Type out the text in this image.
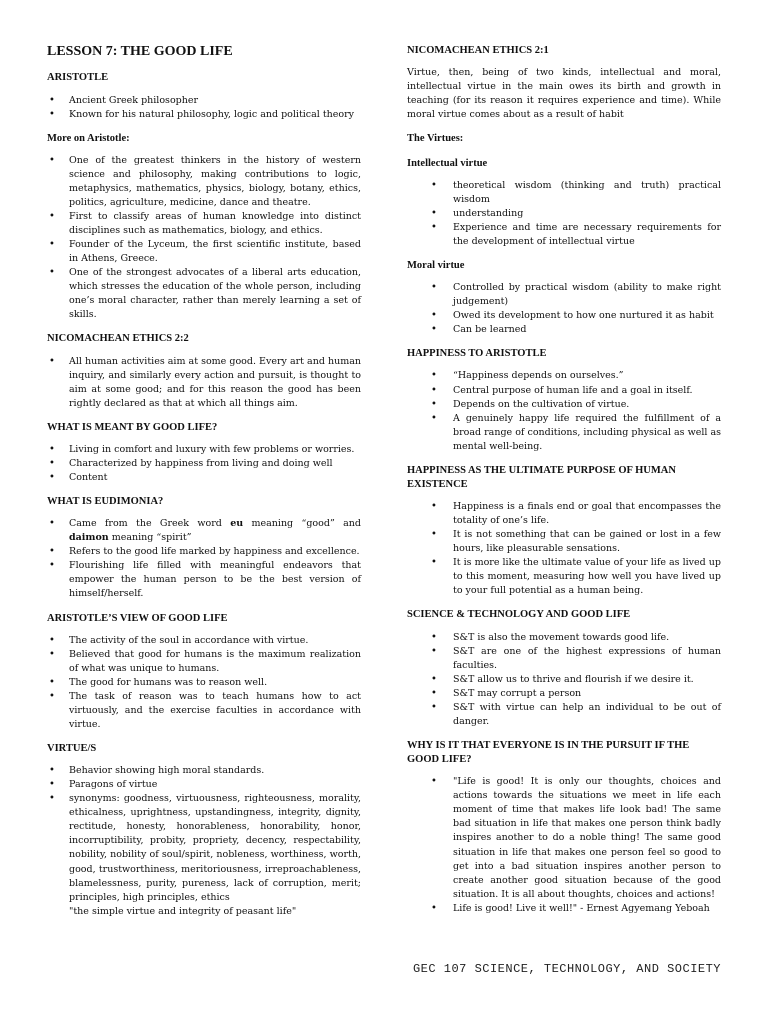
LESSON 7: THE GOOD LIFE
ARISTOTLE
• Ancient Greek philosopher
• Known for his natural philosophy, logic and political theory
More on Aristotle:
• One of the greatest thinkers in the history of western science and philosophy, making contributions to logic, metaphysics, mathematics, physics, biology, botany, ethics, politics, agriculture, medicine, dance and theatre.
• First to classify areas of human knowledge into distinct disciplines such as mathematics, biology, and ethics.
• Founder of the Lyceum, the first scientific institute, based in Athens, Greece.
• One of the strongest advocates of a liberal arts education, which stresses the education of the whole person, including one’s moral character, rather than merely learning a set of skills.
NICOMACHEAN ETHICS 2:2
• All human activities aim at some good. Every art and human inquiry, and similarly every action and pursuit, is thought to aim at some good; and for this reason the good has been rightly declared as that at which all things aim.
WHAT IS MEANT BY GOOD LIFE?
• Living in comfort and luxury with few problems or worries.
• Characterized by happiness from living and doing well
• Content
WHAT IS EUDIMONIA?
• Came from the Greek word eu meaning “good” and daimon meaning “spirit”
• Refers to the good life marked by happiness and excellence.
• Flourishing life filled with meaningful endeavors that empower the human person to be the best version of himself/herself.
ARISTOTLE’S VIEW OF GOOD LIFE
• The activity of the soul in accordance with virtue.
• Believed that good for humans is the maximum realization of what was unique to humans.
• The good for humans was to reason well.
• The task of reason was to teach humans how to act virtuously, and the exercise faculties in accordance with virtue.
VIRTUE/S
• Behavior showing high moral standards.
• Paragons of virtue
• synonyms: goodness, virtuousness, righteousness, morality, ethicalness, uprightness, upstandingness, integrity, dignity, rectitude, honesty, honorableness, honorability, honor, incorruptibility, probity, propriety, decency, respectability, nobility, nobility of soul/spirit, nobleness, worthiness, worth, good, trustworthiness, meritoriousness, irreproachableness, blamelessness, purity, pureness, lack of corruption, merit; principles, high principles, ethics
"the simple virtue and integrity of peasant life"
NICOMACHEAN ETHICS 2:1

Virtue, then, being of two kinds, intellectual and moral, intellectual virtue in the main owes its birth and growth in teaching (for its reason it requires experience and time). While moral virtue comes about as a result of habit

The Virtues:
Intellectual virtue
• theoretical wisdom (thinking and truth) practical wisdom
• understanding
• Experience and time are necessary requirements for the development of intellectual virtue
Moral virtue
• Controlled by practical wisdom (ability to make right judgement)
• Owed its development to how one nurtured it as habit
• Can be learned
HAPPINESS TO ARISTOTLE
• “Happiness depends on ourselves.”
• Central purpose of human life and a goal in itself.
• Depends on the cultivation of virtue.
• A genuinely happy life required the fulfillment of a broad range of conditions, including physical as well as mental well-being.
HAPPINESS AS THE ULTIMATE PURPOSE OF HUMAN EXISTENCE
• Happiness is a finals end or goal that encompasses the totality of one’s life.
• It is not something that can be gained or lost in a few hours, like pleasurable sensations.
• It is more like the ultimate value of your life as lived up to this moment, measuring how well you have lived up to your full potential as a human being.
SCIENCE & TECHNOLOGY AND GOOD LIFE
• S&T is also the movement towards good life.
• S&T are one of the highest expressions of human faculties.
• S&T allow us to thrive and flourish if we desire it.
• S&T may corrupt a person
• S&T with virtue can help an individual to be out of danger.
WHY IS IT THAT EVERYONE IS IN THE PURSUIT IF THE GOOD LIFE?
• "Life is good! It is only our thoughts, choices and actions towards the situations we meet in life each moment of time that makes life look bad! The same bad situation in life that makes one person think badly inspires another to do a noble thing! The same good situation in life that makes one person feel so good to get into a bad situation inspires another person to create another good situation because of the good situation. It is all about thoughts, choices and actions!
• Life is good! Live it well!" - Ernest Agyemang Yeboah
GEC 107 SCIENCE, TECHNOLOGY, AND SOCIETY
